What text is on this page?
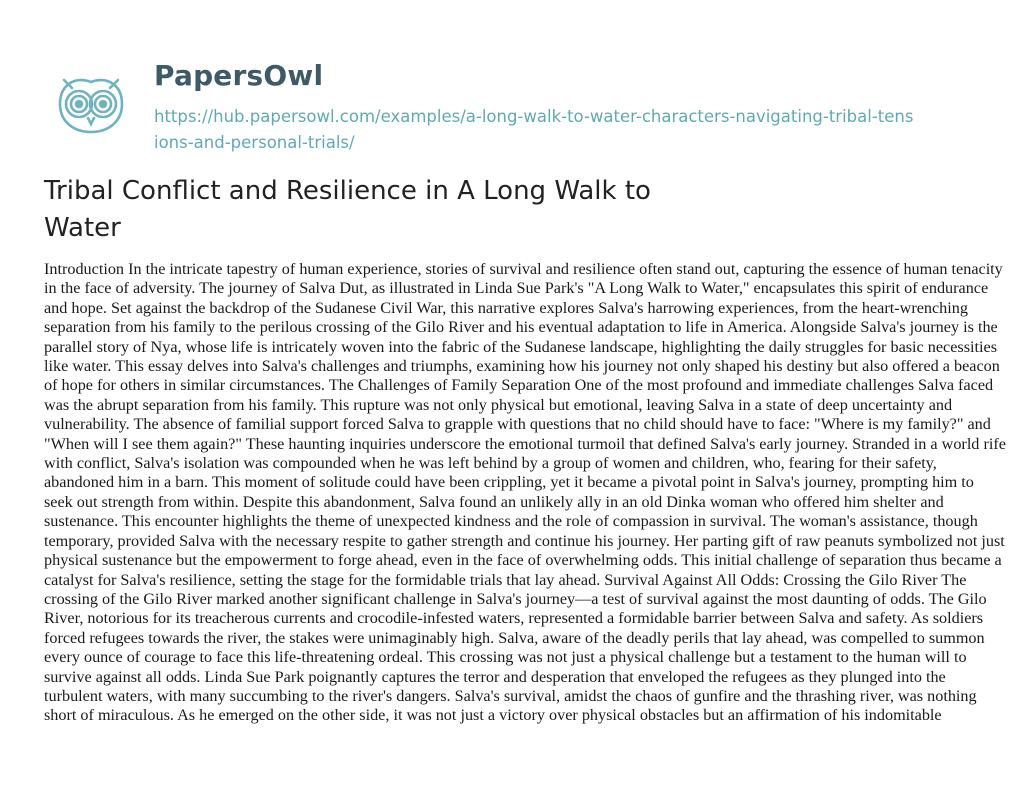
PapersOwl
https://hub.papersowl.com/examples/a-long-walk-to-water-characters-navigating-tribal-tensions-and-personal-trials/
Tribal Conflict and Resilience in A Long Walk to Water

Introduction In the intricate tapestry of human experience, stories of survival and resilience often stand out, capturing the essence of human tenacity in the face of adversity. The journey of Salva Dut, as illustrated in Linda Sue Park's "A Long Walk to Water," encapsulates this spirit of endurance and hope. Set against the backdrop of the Sudanese Civil War, this narrative explores Salva's harrowing experiences, from the heart-wrenching separation from his family to the perilous crossing of the Gilo River and his eventual adaptation to life in America. Alongside Salva's journey is the parallel story of Nya, whose life is intricately woven into the fabric of the Sudanese landscape, highlighting the daily struggles for basic necessities like water. This essay delves into Salva's challenges and triumphs, examining how his journey not only shaped his destiny but also offered a beacon of hope for others in similar circumstances. The Challenges of Family Separation One of the most profound and immediate challenges Salva faced was the abrupt separation from his family. This rupture was not only physical but emotional, leaving Salva in a state of deep uncertainty and vulnerability. The absence of familial support forced Salva to grapple with questions that no child should have to face: "Where is my family?" and "When will I see them again?" These haunting inquiries underscore the emotional turmoil that defined Salva's early journey. Stranded in a world rife with conflict, Salva's isolation was compounded when he was left behind by a group of women and children, who, fearing for their safety, abandoned him in a barn. This moment of solitude could have been crippling, yet it became a pivotal point in Salva's journey, prompting him to seek out strength from within. Despite this abandonment, Salva found an unlikely ally in an old Dinka woman who offered him shelter and sustenance. This encounter highlights the theme of unexpected kindness and the role of compassion in survival. The woman's assistance, though temporary, provided Salva with the necessary respite to gather strength and continue his journey. Her parting gift of raw peanuts symbolized not just physical sustenance but the empowerment to forge ahead, even in the face of overwhelming odds. This initial challenge of separation thus became a catalyst for Salva's resilience, setting the stage for the formidable trials that lay ahead. Survival Against All Odds: Crossing the Gilo River The crossing of the Gilo River marked another significant challenge in Salva's journey—a test of survival against the most daunting of odds. The Gilo River, notorious for its treacherous currents and crocodile-infested waters, represented a formidable barrier between Salva and safety. As soldiers forced refugees towards the river, the stakes were unimaginably high. Salva, aware of the deadly perils that lay ahead, was compelled to summon every ounce of courage to face this life-threatening ordeal. This crossing was not just a physical challenge but a testament to the human will to survive against all odds. Linda Sue Park poignantly captures the terror and desperation that enveloped the refugees as they plunged into the turbulent waters, with many succumbing to the river's dangers. Salva's survival, amidst the chaos of gunfire and the thrashing river, was nothing short of miraculous. As he emerged on the other side, it was not just a victory over physical obstacles but an affirmation of his indomitable
